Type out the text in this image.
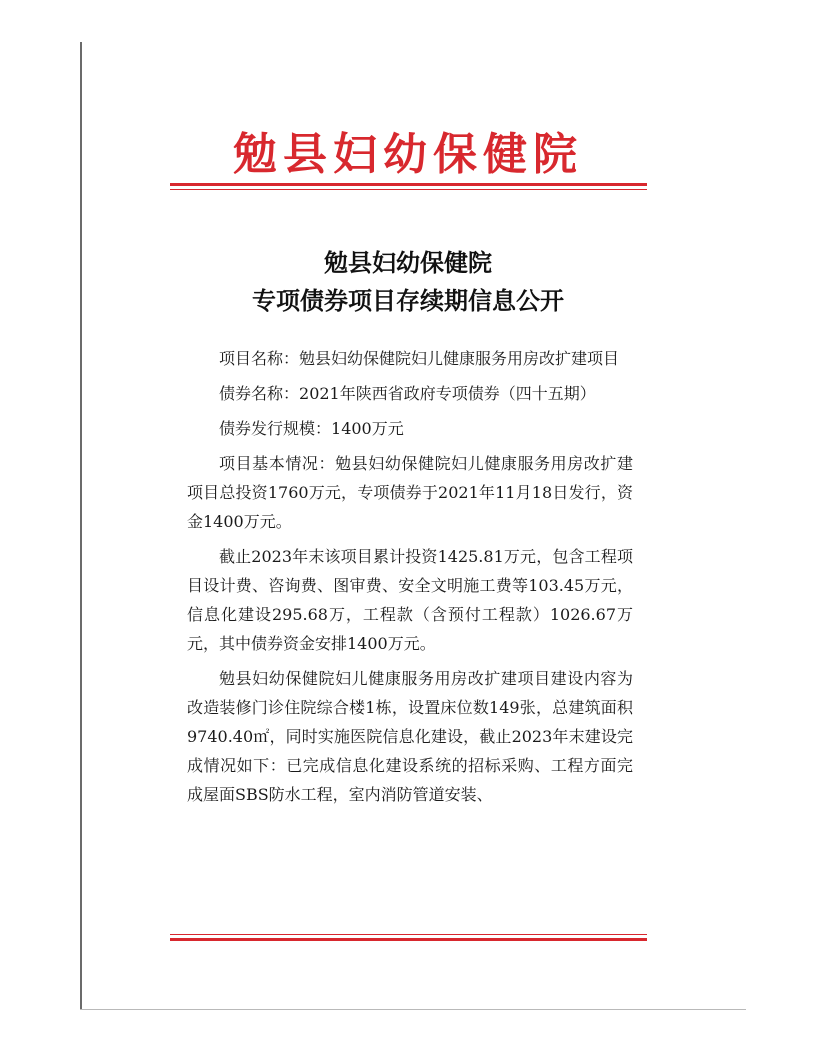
勉县妇幼保健院
勉县妇幼保健院
专项债券项目存续期信息公开

项目名称：勉县妇幼保健院妇儿健康服务用房改扩建项目

债券名称：2021年陕西省政府专项债券（四十五期）

债券发行规模：1400万元

项目基本情况：勉县妇幼保健院妇儿健康服务用房改扩建项目总投资1760万元，专项债券于2021年11月18日发行，资金1400万元。

截止2023年末该项目累计投资1425.81万元，包含工程项目设计费、咨询费、图审费、安全文明施工费等103.45万元，信息化建设295.68万，工程款（含预付工程款）1026.67万元，其中债券资金安排1400万元。

勉县妇幼保健院妇儿健康服务用房改扩建项目建设内容为改造装修门诊住院综合楼1栋，设置床位数149张，总建筑面积9740.40㎡，同时实施医院信息化建设，截止2023年末建设完成情况如下：已完成信息化建设系统的招标采购、工程方面完成屋面SBS防水工程，室内消防管道安装、
